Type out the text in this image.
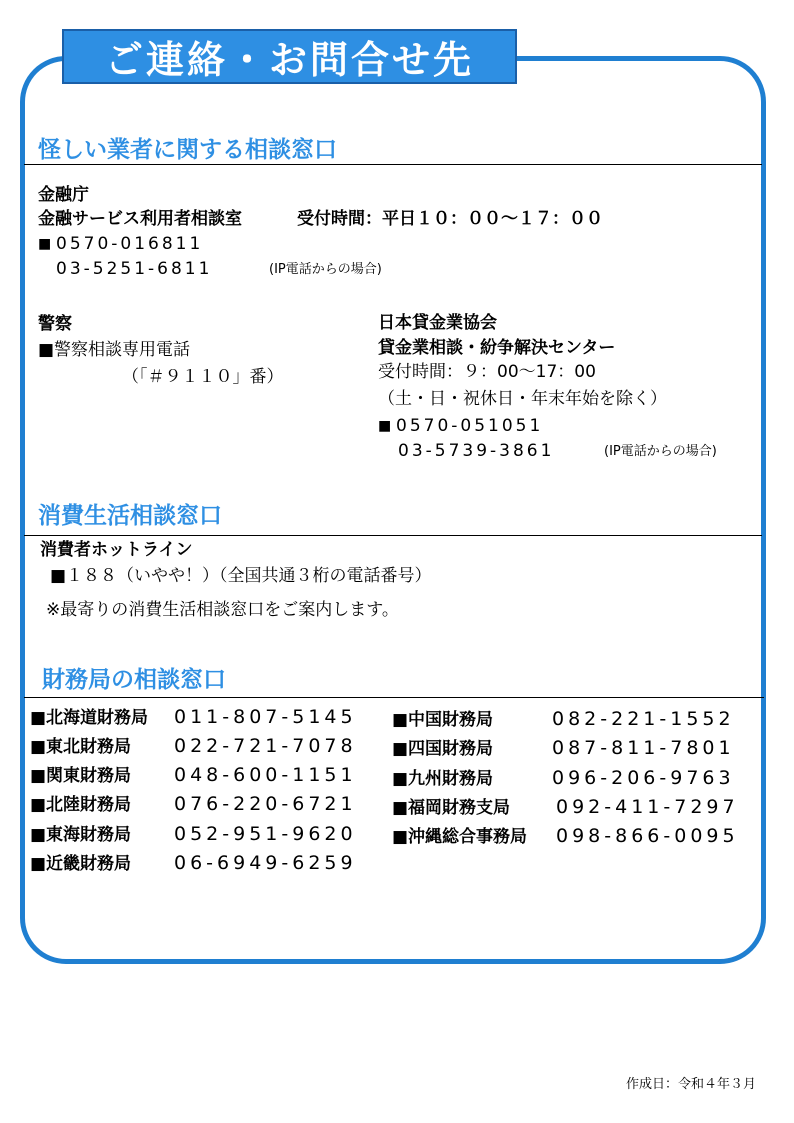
ご連絡・お問合せ先
怪しい業者に関する相談窓口
金融庁
金融サービス利用者相談室	受付時間：平日１０：００～１７：００
■ 0570-016811
03-5251-6811	(IP電話からの場合)
警察
■警察相談専用電話
（「＃９１１０」番）
日本貸金業協会
貸金業相談・紛争解決センター
受付時間：９：00～17：00
（土・日・祝休日・年末年始を除く）
■ 0570-051051
03-5739-3861	(IP電話からの場合)
消費生活相談窓口
消費者ホットライン
■１８８（いやや！）（全国共通３桁の電話番号）
※最寄りの消費生活相談窓口をご案内します。
財務局の相談窓口
■北海道財務局 011-807-5145
■東北財務局 022-721-7078
■関東財務局 048-600-1151
■北陸財務局 076-220-6721
■東海財務局 052-951-9620
■近畿財務局 06-6949-6259
■中国財務局	082-221-1552
■四国財務局	087-811-7801
■九州財務局	096-206-9763
■福岡財務支局 092-411-7297
■沖縄総合事務局 098-866-0095
作成日：令和４年３月
